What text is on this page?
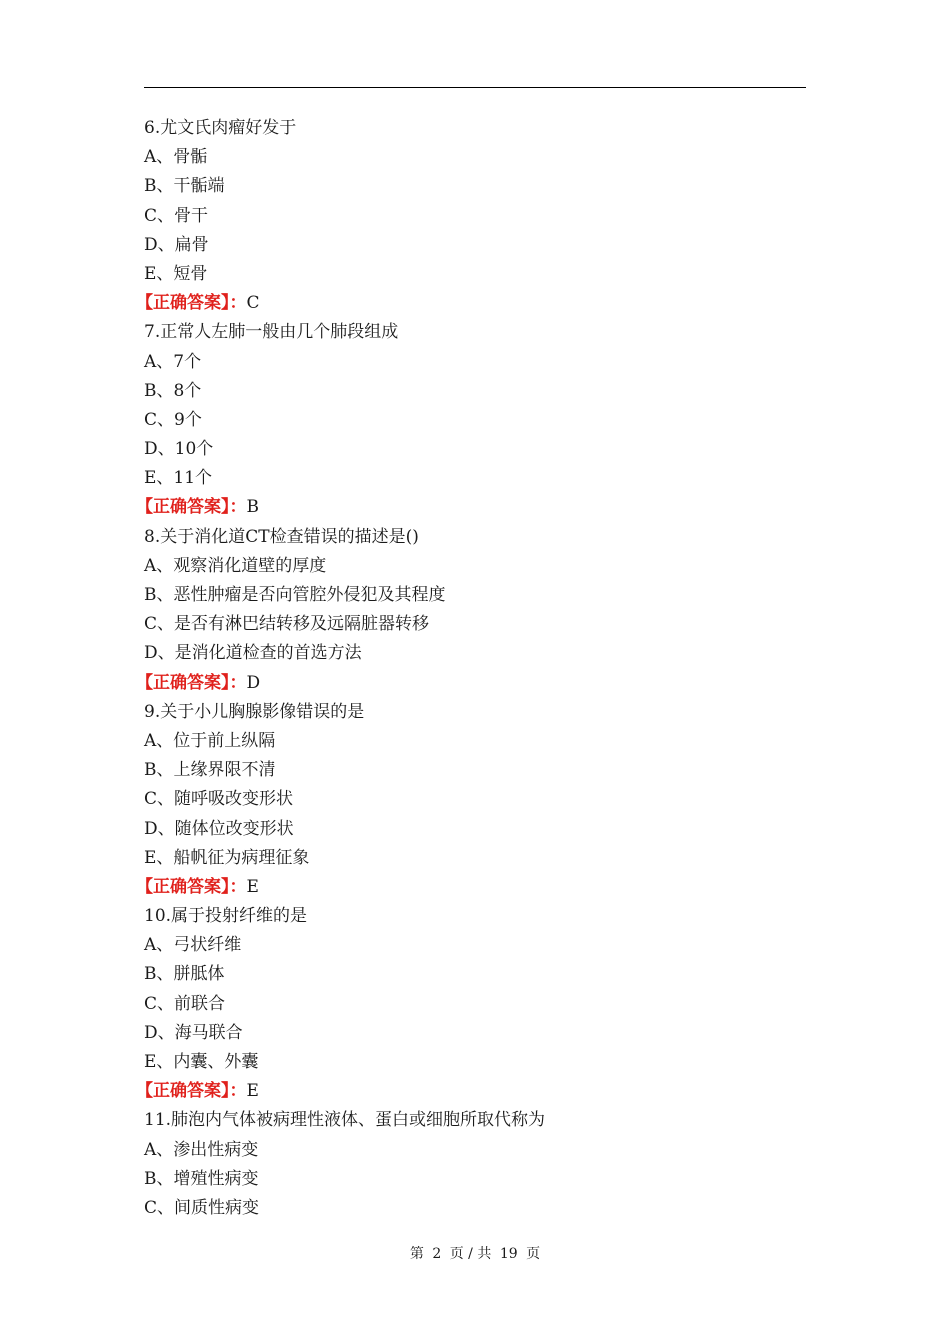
6.尤文氏肉瘤好发于
A、骨骺
B、干骺端
C、骨干
D、扁骨
E、短骨
【正确答案】：C
7.正常人左肺一般由几个肺段组成
A、7个
B、8个
C、9个
D、10个
E、11个
【正确答案】：B
8.关于消化道CT检查错误的描述是()
A、观察消化道壁的厚度
B、恶性肿瘤是否向管腔外侵犯及其程度
C、是否有淋巴结转移及远隔脏器转移
D、是消化道检查的首选方法
【正确答案】：D
9.关于小儿胸腺影像错误的是
A、位于前上纵隔
B、上缘界限不清
C、随呼吸改变形状
D、随体位改变形状
E、船帆征为病理征象
【正确答案】：E
10.属于投射纤维的是
A、弓状纤维
B、胼胝体
C、前联合
D、海马联合
E、内囊、外囊
【正确答案】：E
11.肺泡内气体被病理性液体、蛋白或细胞所取代称为
A、渗出性病变
B、增殖性病变
C、间质性病变
第 2 页 / 共 19 页
